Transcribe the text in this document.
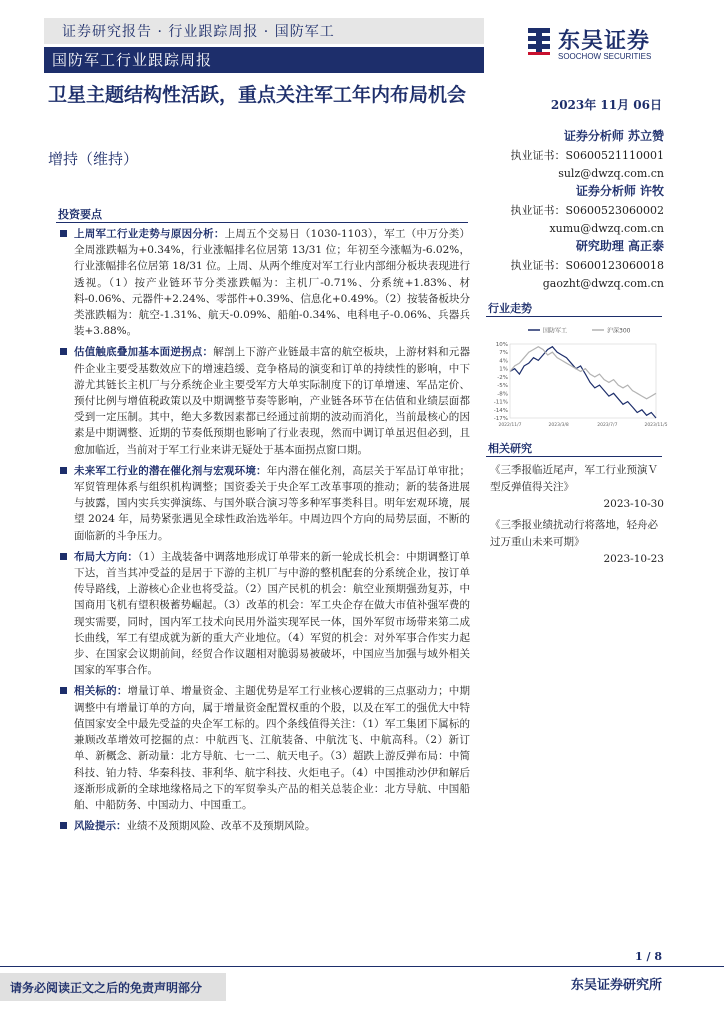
证券研究报告 · 行业跟踪周报 · 国防军工
国防军工行业跟踪周报
东吴证券
SOOCHOW SECURITIES
卫星主题结构性活跃，重点关注军工年内布局机会
增持（维持）
2023年 11月 06日
证券分析师 苏立赞
执业证书：S0600521110001
sulz@dwzq.com.cn
证券分析师 许牧
执业证书：S0600523060002
xumu@dwzq.com.cn
研究助理 高正泰
执业证书：S0600123060018
gaozht@dwzq.com.cn
投资要点
上周军工行业走势与原因分析：上周五个交易日（1030-1103），军工（中万分类）全周涨跌幅为+0.34%，行业涨幅排名位居第 13/31 位；年初至今涨幅为-6.02%，行业涨幅排名位居第 18/31 位。上周、从两个维度对军工行业内部细分板块表现进行透视。（1）按产业链环节分类涨跌幅为：主机厂-0.71%、分系统+1.83%、材料-0.06%、元器件+2.24%、零部件+0.39%、信息化+0.49%。（2）按装备板块分类涨跌幅为：航空-1.31%、航天-0.09%、船舶-0.34%、电科电子-0.06%、兵器兵装+3.88%。
估值触底叠加基本面逆拐点：解剖上下游产业链最丰富的航空板块，上游材料和元器件企业主要受基数效应下的增速趋缓、竞争格局的演变和订单的持续性的影响，中下游尤其链长主机厂与分系统企业主要受军方大单实际制度下的订单增速、军品定价、预付比例与增值税政策以及中期调整节奏等影响，产业链各环节在估值和业绩层面都受到一定压制。其中，绝大多数因素都已经通过前期的波动而消化，当前最核心的因素是中期调整、近期的节奏低预期也影响了行业表现，然而中调订单虽迟但必到，且愈加临近，当前对于军工行业来讲无疑处于基本面拐点窗口期。
未来军工行业的潜在催化剂与宏观环境：年内潜在催化剂，高层关于军品订单审批；军贸管理体系与组织机构调整；国资委关于央企军工改革事项的推动；新的装备进展与披露，国内实兵实弹演练、与国外联合演习等多种军事类科目。明年宏观环境，展望 2024 年，局势紧张遇见全球性政治选举年。中周边四个方向的局势层面，不断的面临新的斗争压力。
布局大方向：（1）主战装备中调落地形成订单带来的新一轮成长机会：中期调整订单下达，首当其冲受益的是居于下游的主机厂与中游的整机配套的分系统企业，按订单传导路线，上游核心企业也将受益。（2）国产民机的机会：航空业预期强劲复苏，中国商用飞机有望积极蓄势崛起。（3）改革的机会：军工央企存在做大市值补强军费的现实需要，同时，国内军工技术向民用外溢实现军民一体，国外军贸市场带来第二成长曲线，军工有望成就为新的重大产业地位。（4）军贸的机会：对外军事合作实力起步、在国家会议期前间，经贸合作议题相对脆弱易被破坏，中国应当加强与域外相关国家的军事合作。
相关标的：增量订单、增量资金、主题优势是军工行业核心逻辑的三点驱动力；中期调整中有增量订单的方向，属于增量资金配置权重的个股，以及在军工的强优大中特值国家安全中最先受益的央企军工标的。四个条线值得关注：（1）军工集团下属标的兼顾改革增效可挖掘的点：中航西飞、江航装备、中航沈飞、中航高科。（2）新订单、新概念、新动量：北方导航、七一二、航天电子。（3）超跌上游反弹布局：中简科技、铂力特、华秦科技、菲利华、航宇科技、火炬电子。（4）中国推动沙伊和解后逐渐形成新的全球地缘格局之下的军贸拳头产品的相关总装企业：北方导航、中国船舶、中船防务、中国动力、中国重工。
风险提示：业绩不及预期风险、改革不及预期风险。
行业走势
国防军工	沪深300
10%
7%
4%
1%
-2%
-5%
-8%
-11%
-14%
-17%
2022/11/7	2023/3/8	2023/7/7	2023/11/5
相关研究
《三季报临近尾声，军工行业预演Ｖ型反弹值得关注》
2023-10-30
《三季报业绩扰动行将落地，轻舟必过万重山未来可期》
2023-10-23
1 / 8
请务必阅读正文之后的免责声明部分	东吴证券研究所
